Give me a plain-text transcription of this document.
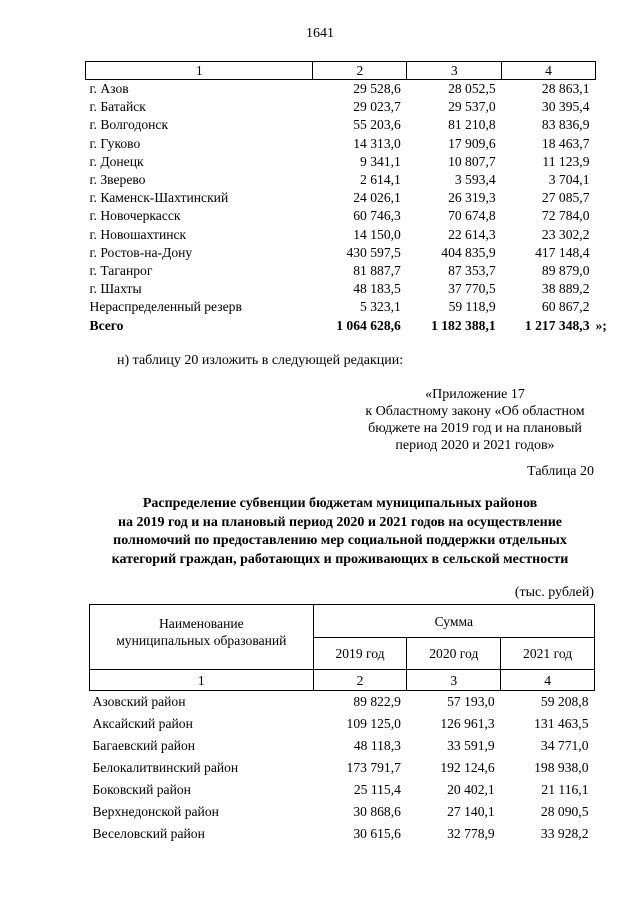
1641
1	2	3	4
г. Азов	29 528,6	28 052,5	28 863,1
г. Батайск	29 023,7	29 537,0	30 395,4
г. Волгодонск	55 203,6	81 210,8	83 836,9
г. Гуково	14 313,0	17 909,6	18 463,7
г. Донецк	9 341,1	10 807,7	11 123,9
г. Зверево	2 614,1	3 593,4	3 704,1
г. Каменск-Шахтинский	24 026,1	26 319,3	27 085,7
г. Новочеркасск	60 746,3	70 674,8	72 784,0
г. Новошахтинск	14 150,0	22 614,3	23 302,2
г. Ростов-на-Дону	430 597,5	404 835,9	417 148,4
г. Таганрог	81 887,7	87 353,7	89 879,0
г. Шахты	48 183,5	37 770,5	38 889,2
Нераспределенный резерв	5 323,1	59 118,9	60 867,2
Всего	1 064 628,6	1 182 388,1	1 217 348,3 »;
н) таблицу 20 изложить в следующей редакции:
«Приложение 17
к Областному закону «Об областном
бюджете на 2019 год и на плановый
период 2020 и 2021 годов»
Таблица 20
Распределение субвенции бюджетам муниципальных районов
на 2019 год и на плановый период 2020 и 2021 годов на осуществление
полномочий по предоставлению мер социальной поддержки отдельных
категорий граждан, работающих и проживающих в сельской местности
(тыс. рублей)
Наименование
муниципальных образований	Сумма		
	2019 год	2020 год	2021 год
1	2	3	4
Азовский район	89 822,9	57 193,0	59 208,8
Аксайский район	109 125,0	126 961,3	131 463,5
Багаевский район	48 118,3	33 591,9	34 771,0
Белокалитвинский район	173 791,7	192 124,6	198 938,0
Боковский район	25 115,4	20 402,1	21 116,1
Верхнедонской район	30 868,6	27 140,1	28 090,5
Веселовский район	30 615,6	32 778,9	33 928,2
